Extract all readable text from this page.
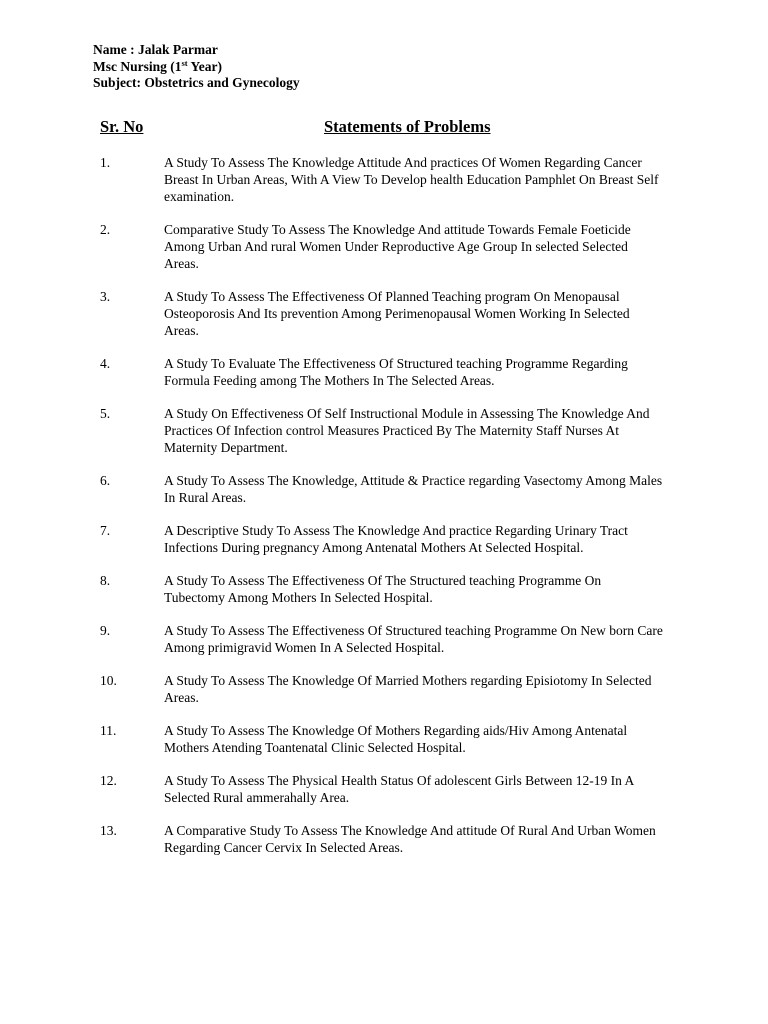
Name : Jalak Parmar
Msc Nursing (1st Year)
Subject: Obstetrics and Gynecology
Sr. No	Statements of Problems
1.	A Study To Assess The Knowledge Attitude And practices Of Women Regarding Cancer Breast In Urban Areas, With A View To Develop health Education Pamphlet On Breast Self examination.
2.	Comparative Study To Assess The Knowledge And attitude Towards Female Foeticide Among Urban And rural Women Under Reproductive Age Group In selected Selected Areas.
3.	A Study To Assess The Effectiveness Of Planned Teaching program On Menopausal Osteoporosis And Its prevention Among Perimenopausal Women Working In Selected Areas.
4.	A Study To Evaluate The Effectiveness Of Structured teaching Programme Regarding Formula Feeding among The Mothers In The Selected Areas.
5.	A Study On Effectiveness Of Self Instructional Module in Assessing The Knowledge And Practices Of Infection control Measures Practiced By The Maternity Staff Nurses At Maternity Department.
6.	A Study To Assess The Knowledge, Attitude & Practice regarding Vasectomy Among Males In Rural Areas.
7.	A Descriptive Study To Assess The Knowledge And practice Regarding Urinary Tract Infections During pregnancy Among Antenatal Mothers At Selected Hospital.
8.	A Study To Assess The Effectiveness Of The Structured teaching Programme On Tubectomy Among Mothers In Selected Hospital.
9.	A Study To Assess The Effectiveness Of Structured teaching Programme On New born Care Among primigravid Women In A Selected Hospital.
10.	A Study To Assess The Knowledge Of Married Mothers regarding Episiotomy In Selected Areas.
11.	A Study To Assess The Knowledge Of Mothers Regarding aids/Hiv Among Antenatal Mothers Atending Toantenatal Clinic Selected Hospital.
12.	A Study To Assess The Physical Health Status Of adolescent Girls Between 12-19 In A Selected Rural ammerahally Area.
13.	A Comparative Study To Assess The Knowledge And attitude Of Rural And Urban Women Regarding Cancer Cervix In Selected Areas.
